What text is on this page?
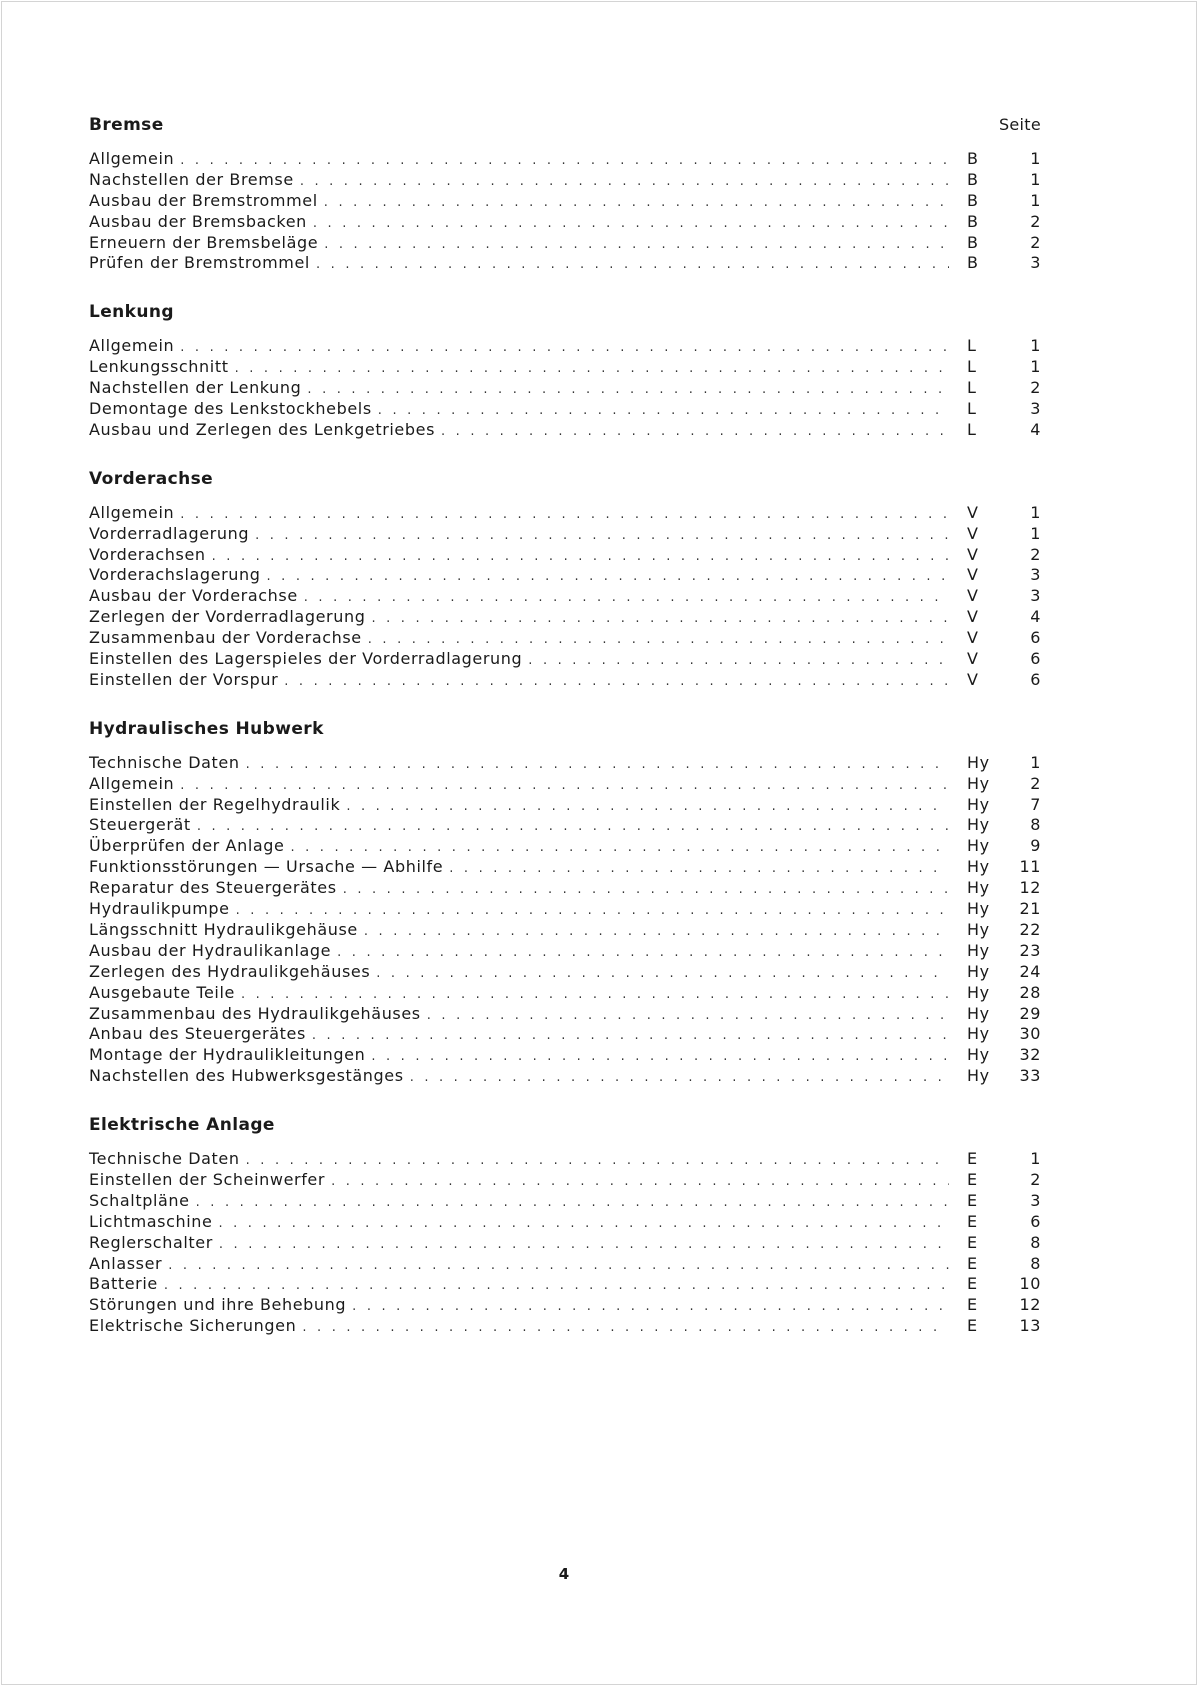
Bremse	Seite
Allgemein . . .	B	1
Nachstellen der Bremse . . .	B	1
Ausbau der Bremstrommel . . .	B	1
Ausbau der Bremsbacken . . .	B	2
Erneuern der Bremsbeläge . . .	B	2
Prüfen der Bremstrommel . . .	B	3
Lenkung
Allgemein . . .	L	1
Lenkungsschnitt . . .	L	1
Nachstellen der Lenkung . . .	L	2
Demontage des Lenkstockhebels . . .	L	3
Ausbau und Zerlegen des Lenkgetriebes . . .	L	4
Vorderachse
Allgemein . . .	V	1
Vorderradlagerung . . .	V	1
Vorderachsen . . .	V	2
Vorderachslagerung . . .	V	3
Ausbau der Vorderachse . . .	V	3
Zerlegen der Vorderradlagerung . . .	V	4
Zusammenbau der Vorderachse . . .	V	6
Einstellen des Lagerspieles der Vorderradlagerung . . .	V	6
Einstellen der Vorspur . . .	V	6
Hydraulisches Hubwerk
Technische Daten . . .	Hy	1
Allgemein . . .	Hy	2
Einstellen der Regelhydraulik . . .	Hy	7
Steuergerät . . .	Hy	8
Überprüfen der Anlage . . .	Hy	9
Funktionsstörungen — Ursache — Abhilfe . . .	Hy	11
Reparatur des Steuergerätes . . .	Hy	12
Hydraulikpumpe . . .	Hy	21
Längsschnitt Hydraulikgehäuse . . .	Hy	22
Ausbau der Hydraulikanlage . . .	Hy	23
Zerlegen des Hydraulikgehäuses . . .	Hy	24
Ausgebaute Teile . . .	Hy	28
Zusammenbau des Hydraulikgehäuses . . .	Hy	29
Anbau des Steuergerätes . . .	Hy	30
Montage der Hydraulikleitungen . . .	Hy	32
Nachstellen des Hubwerksgestänges . . .	Hy	33
Elektrische Anlage
Technische Daten . . .	E	1
Einstellen der Scheinwerfer . . .	E	2
Schaltpläne . . .	E	3
Lichtmaschine . . .	E	6
Reglerschalter . . .	E	8
Anlasser . . .	E	8
Batterie . . .	E	10
Störungen und ihre Behebung . . .	E	12
Elektrische Sicherungen . . .	E	13
4
